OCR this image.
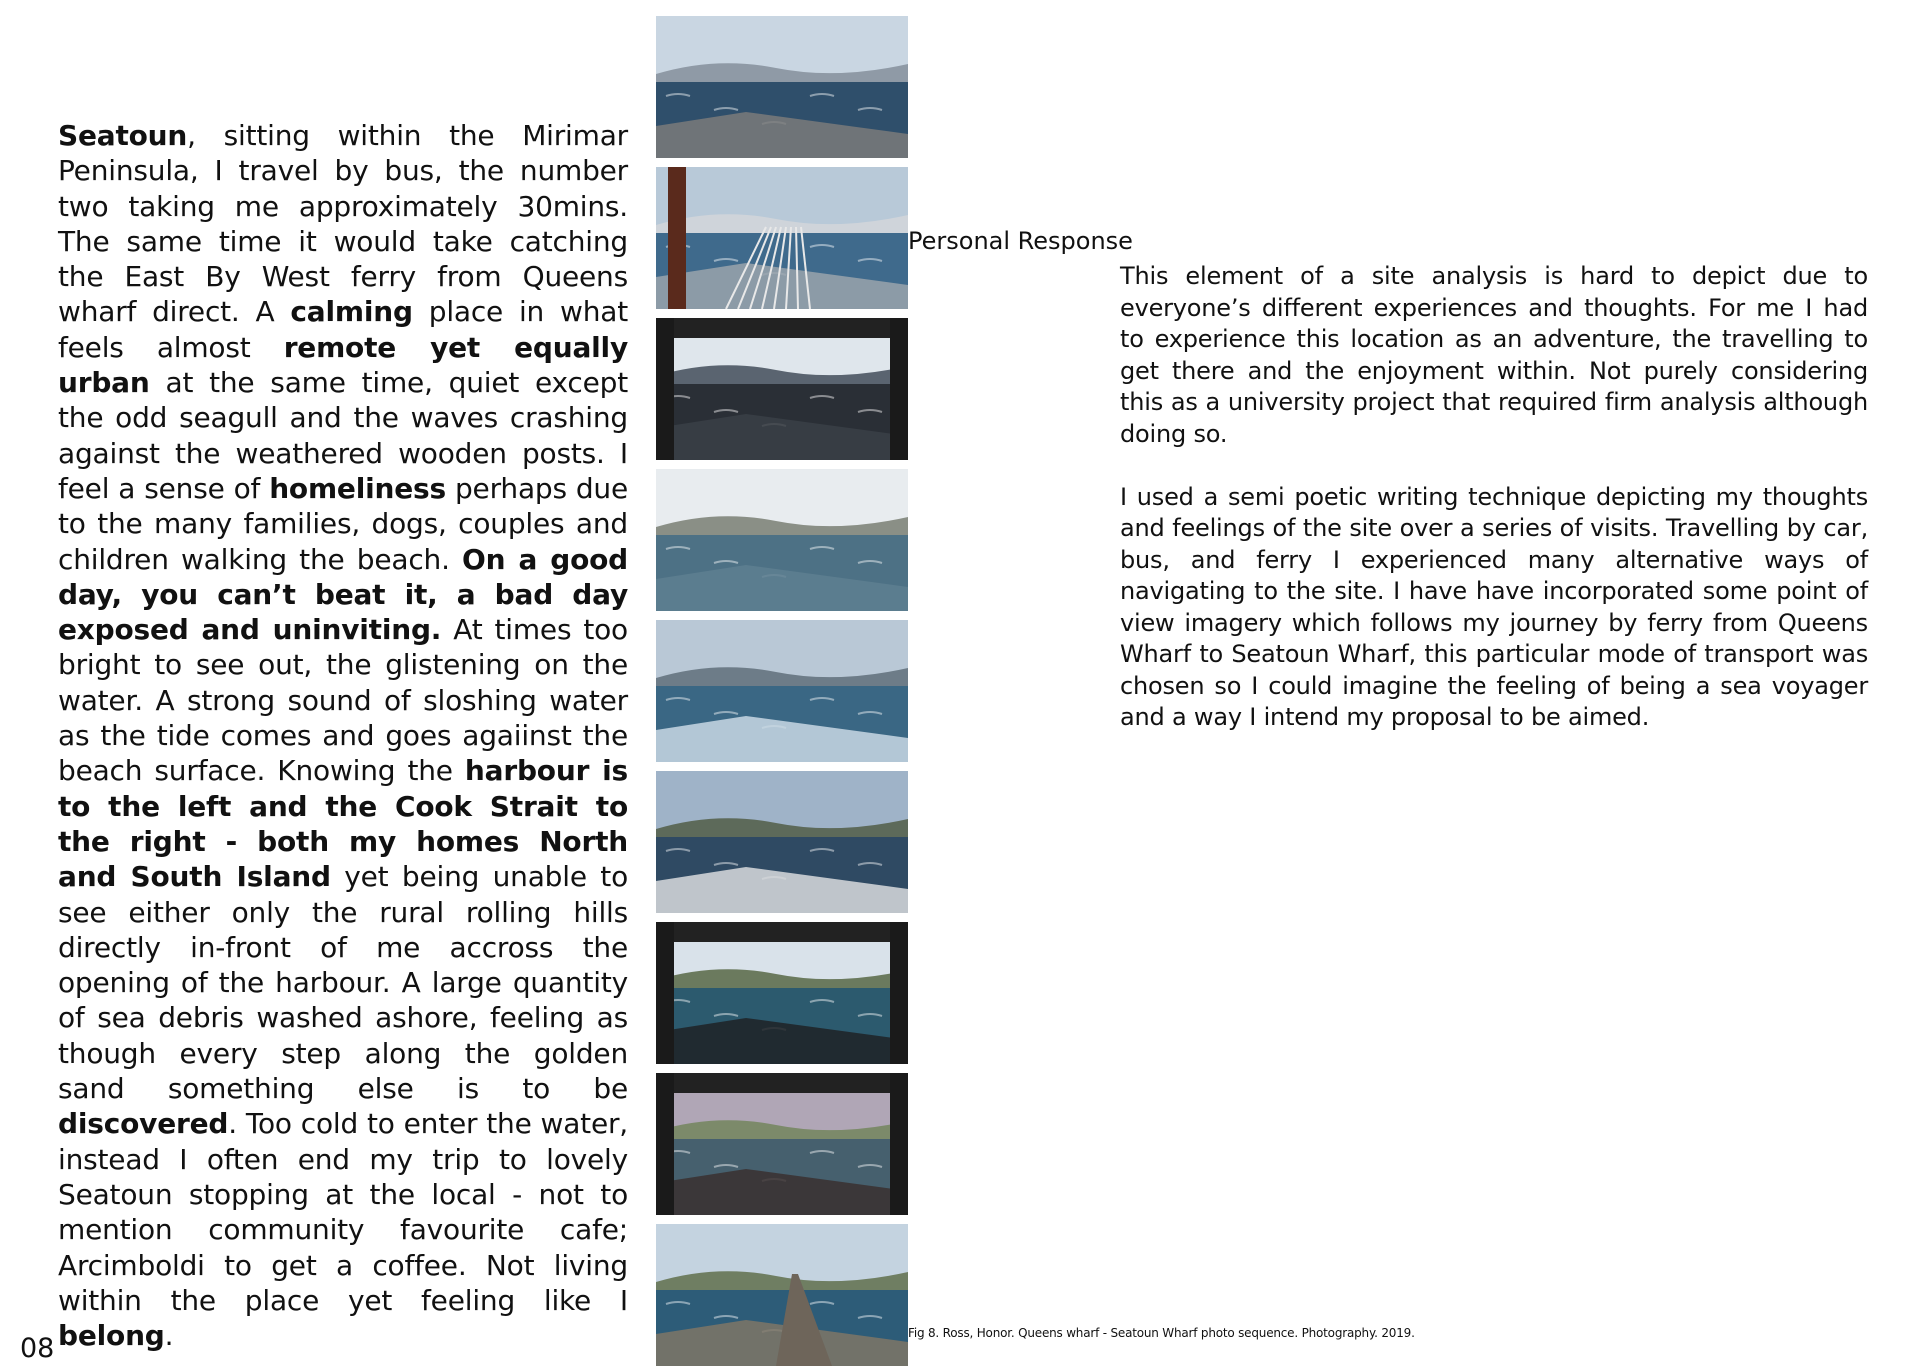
Seatoun, sitting within the Mirimar Peninsula, I travel by bus, the number two taking me approximately 30mins. The same time it would take catching the East By West ferry from Queens wharf direct. A calming place in what feels almost remote yet equally urban at the same time, quiet except the odd seagull and the waves crashing against the weathered wooden posts. I feel a sense of homeliness perhaps due to the many families, dogs, couples and children walking the beach. On a good day, you can’t beat it, a bad day exposed and uninviting. At times too bright to see out, the glistening on the water. A strong sound of sloshing water as the tide comes and goes agaiinst the beach surface. Knowing the harbour is to the left and the Cook Strait to the right - both my homes North and South Island yet being unable to see either only the rural rolling hills directly in-front of me accross the opening of the harbour. A large quantity of sea debris washed ashore, feeling as though every step along the golden sand something else is to be discovered. Too cold to enter the water, instead I often end my trip to lovely Seatoun stopping at the local - not to mention community favourite cafe; Arcimboldi to get a coffee. Not living within the place yet feeling like I belong.
Personal Response

This element of a site analysis is hard to depict due to everyone’s different experiences and thoughts. For me I had to experience this location as an adventure, the travelling to get there and the enjoyment within. Not purely considering this as a university project that required firm analysis although doing so.

I used a semi poetic writing technique depicting my thoughts and feelings of the site over a series of visits. Travelling by car, bus, and ferry I experienced many alternative ways of navigating to the site. I have have incorporated some point of view imagery which follows my journey by ferry from Queens Wharf to Seatoun Wharf, this particular mode of transport was chosen so I could imagine the feeling of being a sea voyager and a way I intend my proposal to be aimed.

Fig 8. Ross, Honor. Queens wharf - Seatoun Wharf photo sequence. Photography. 2019.
08
